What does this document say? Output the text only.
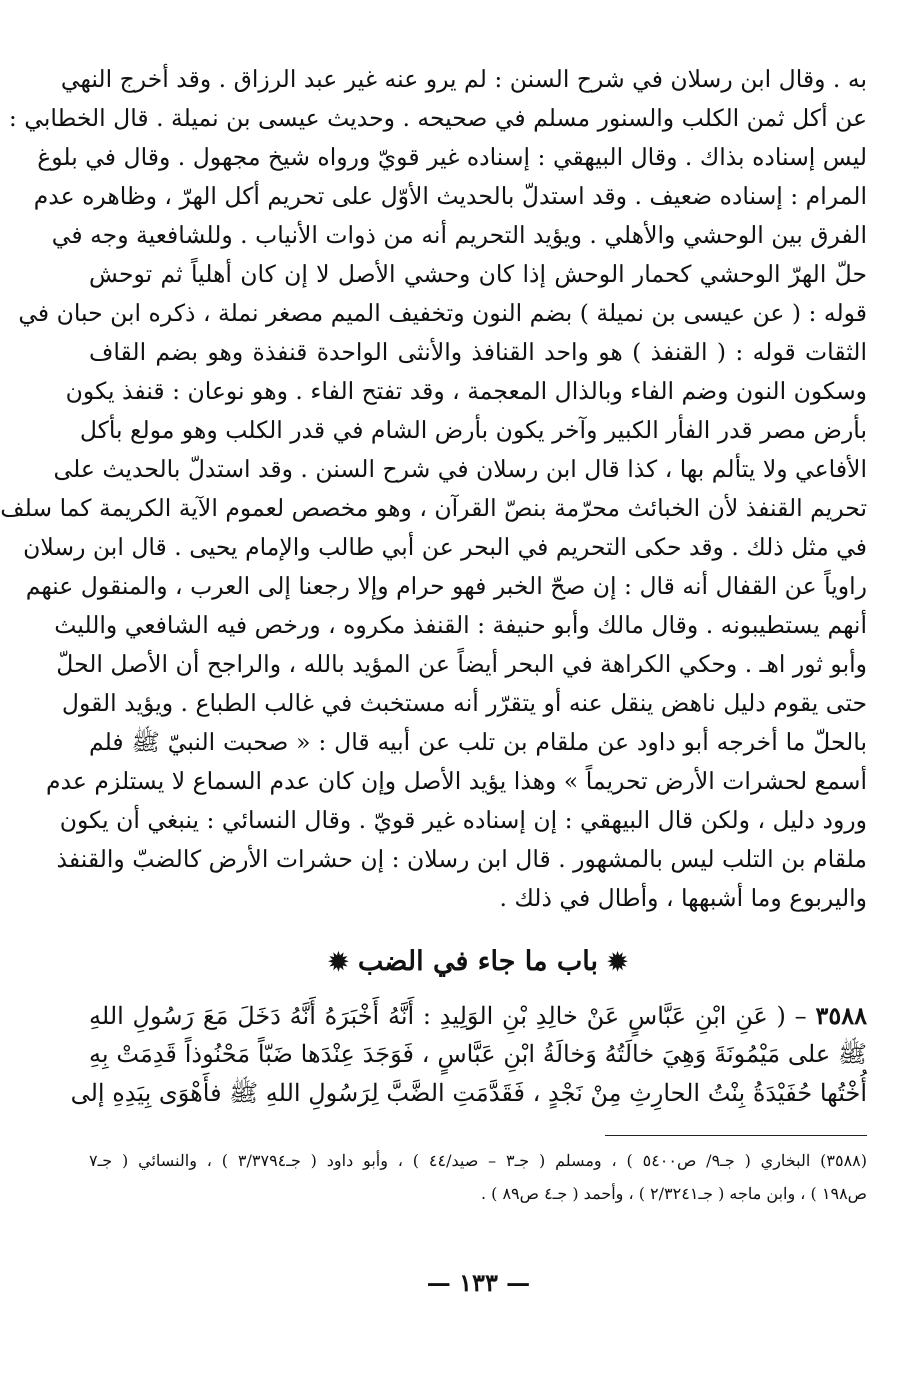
به . وقال ابن رسلان في شرح السنن : لم يرو عنه غير عبد الرزاق . وقد أخرج النهي
عن أكل ثمن الكلب والسنور مسلم في صحيحه . وحديث عيسى بن نميلة . قال الخطابي :
ليس إسناده بذاك . وقال البيهقي : إسناده غير قويّ ورواه شيخ مجهول . وقال في بلوغ
المرام : إسناده ضعيف . وقد استدلّ بالحديث الأوّل على تحريم أكل الهرّ ، وظاهره عدم
الفرق بين الوحشي والأهلي . ويؤيد التحريم أنه من ذوات الأنياب . وللشافعية وجه في
حلّ الهرّ الوحشي كحمار الوحش إذا كان وحشي الأصل لا إن كان أهلياً ثم توحش
قوله : ( عن عيسى بن نميلة ) بضم النون وتخفيف الميم مصغر نملة ، ذكره ابن حبان في
الثقات قوله : ( القنفذ ) هو واحد القنافذ والأنثى الواحدة قنفذة وهو بضم القاف
وسكون النون وضم الفاء وبالذال المعجمة ، وقد تفتح الفاء . وهو نوعان : قنفذ يكون
بأرض مصر قدر الفأر الكبير وآخر يكون بأرض الشام في قدر الكلب وهو مولع بأكل
الأفاعي ولا يتألم بها ، كذا قال ابن رسلان في شرح السنن . وقد استدلّ بالحديث على
تحريم القنفذ لأن الخبائث محرّمة بنصّ القرآن ، وهو مخصص لعموم الآية الكريمة كما سلف
في مثل ذلك . وقد حكى التحريم في البحر عن أبي طالب والإمام يحيى . قال ابن رسلان
راوياً عن القفال أنه قال : إن صحّ الخبر فهو حرام وإلا رجعنا إلى العرب ، والمنقول عنهم
أنهم يستطيبونه . وقال مالك وأبو حنيفة : القنفذ مكروه ، ورخص فيه الشافعي والليث
وأبو ثور اهـ . وحكي الكراهة في البحر أيضاً عن المؤيد بالله ، والراجح أن الأصل الحلّ
حتى يقوم دليل ناهض ينقل عنه أو يتقرّر أنه مستخبث في غالب الطباع . ويؤيد القول
بالحلّ ما أخرجه أبو داود عن ملقام بن تلب عن أبيه قال : « صحبت النبيّ ﷺ فلم
أسمع لحشرات الأرض تحريماً » وهذا يؤيد الأصل وإن كان عدم السماع لا يستلزم عدم
ورود دليل ، ولكن قال البيهقي : إن إسناده غير قويّ . وقال النسائي : ينبغي أن يكون
ملقام بن التلب ليس بالمشهور . قال ابن رسلان : إن حشرات الأرض كالضبّ والقنفذ
واليربوع وما أشبهها ، وأطال في ذلك .
✹ باب ما جاء في الضب ✹
٣٥٨٨ – ( عَنِ ابْنِ عَبَّاسٍ عَنْ خالِدِ بْنِ الوَلِيدِ : أَنَّهُ أَخْبَرَهُ أَنَّهُ دَخَلَ مَعَ رَسُولِ اللهِ
ﷺ على مَيْمُونَةَ وَهِيَ خالَتُهُ وَخالَةُ ابْنِ عَبَّاسٍ ، فَوَجَدَ عِنْدَها ضَبّاً مَحْنُوذاً قَدِمَتْ بِهِ
أُخْتُها حُفَيْدَةُ بِنْتُ الحارِثِ مِنْ نَجْدٍ ، فَقَدَّمَتِ الضَّبَّ لِرَسُولِ اللهِ ﷺ فأَهْوَى بِيَدِهِ إلى
(٣٥٨٨) البخاري ( جـ٩/ ص٥٤٠٠ ) ، ومسلم ( جـ٣ – صيد/٤٤ ) ، وأبو داود ( جـ٣/٣٧٩٤ ) ، والنسائي ( جـ٧
ص١٩٨ ) ، وابن ماجه ( جـ٢/٣٢٤١ ) ، وأحمد ( جـ٤ ص٨٩ ) .
— ١٣٣ —
